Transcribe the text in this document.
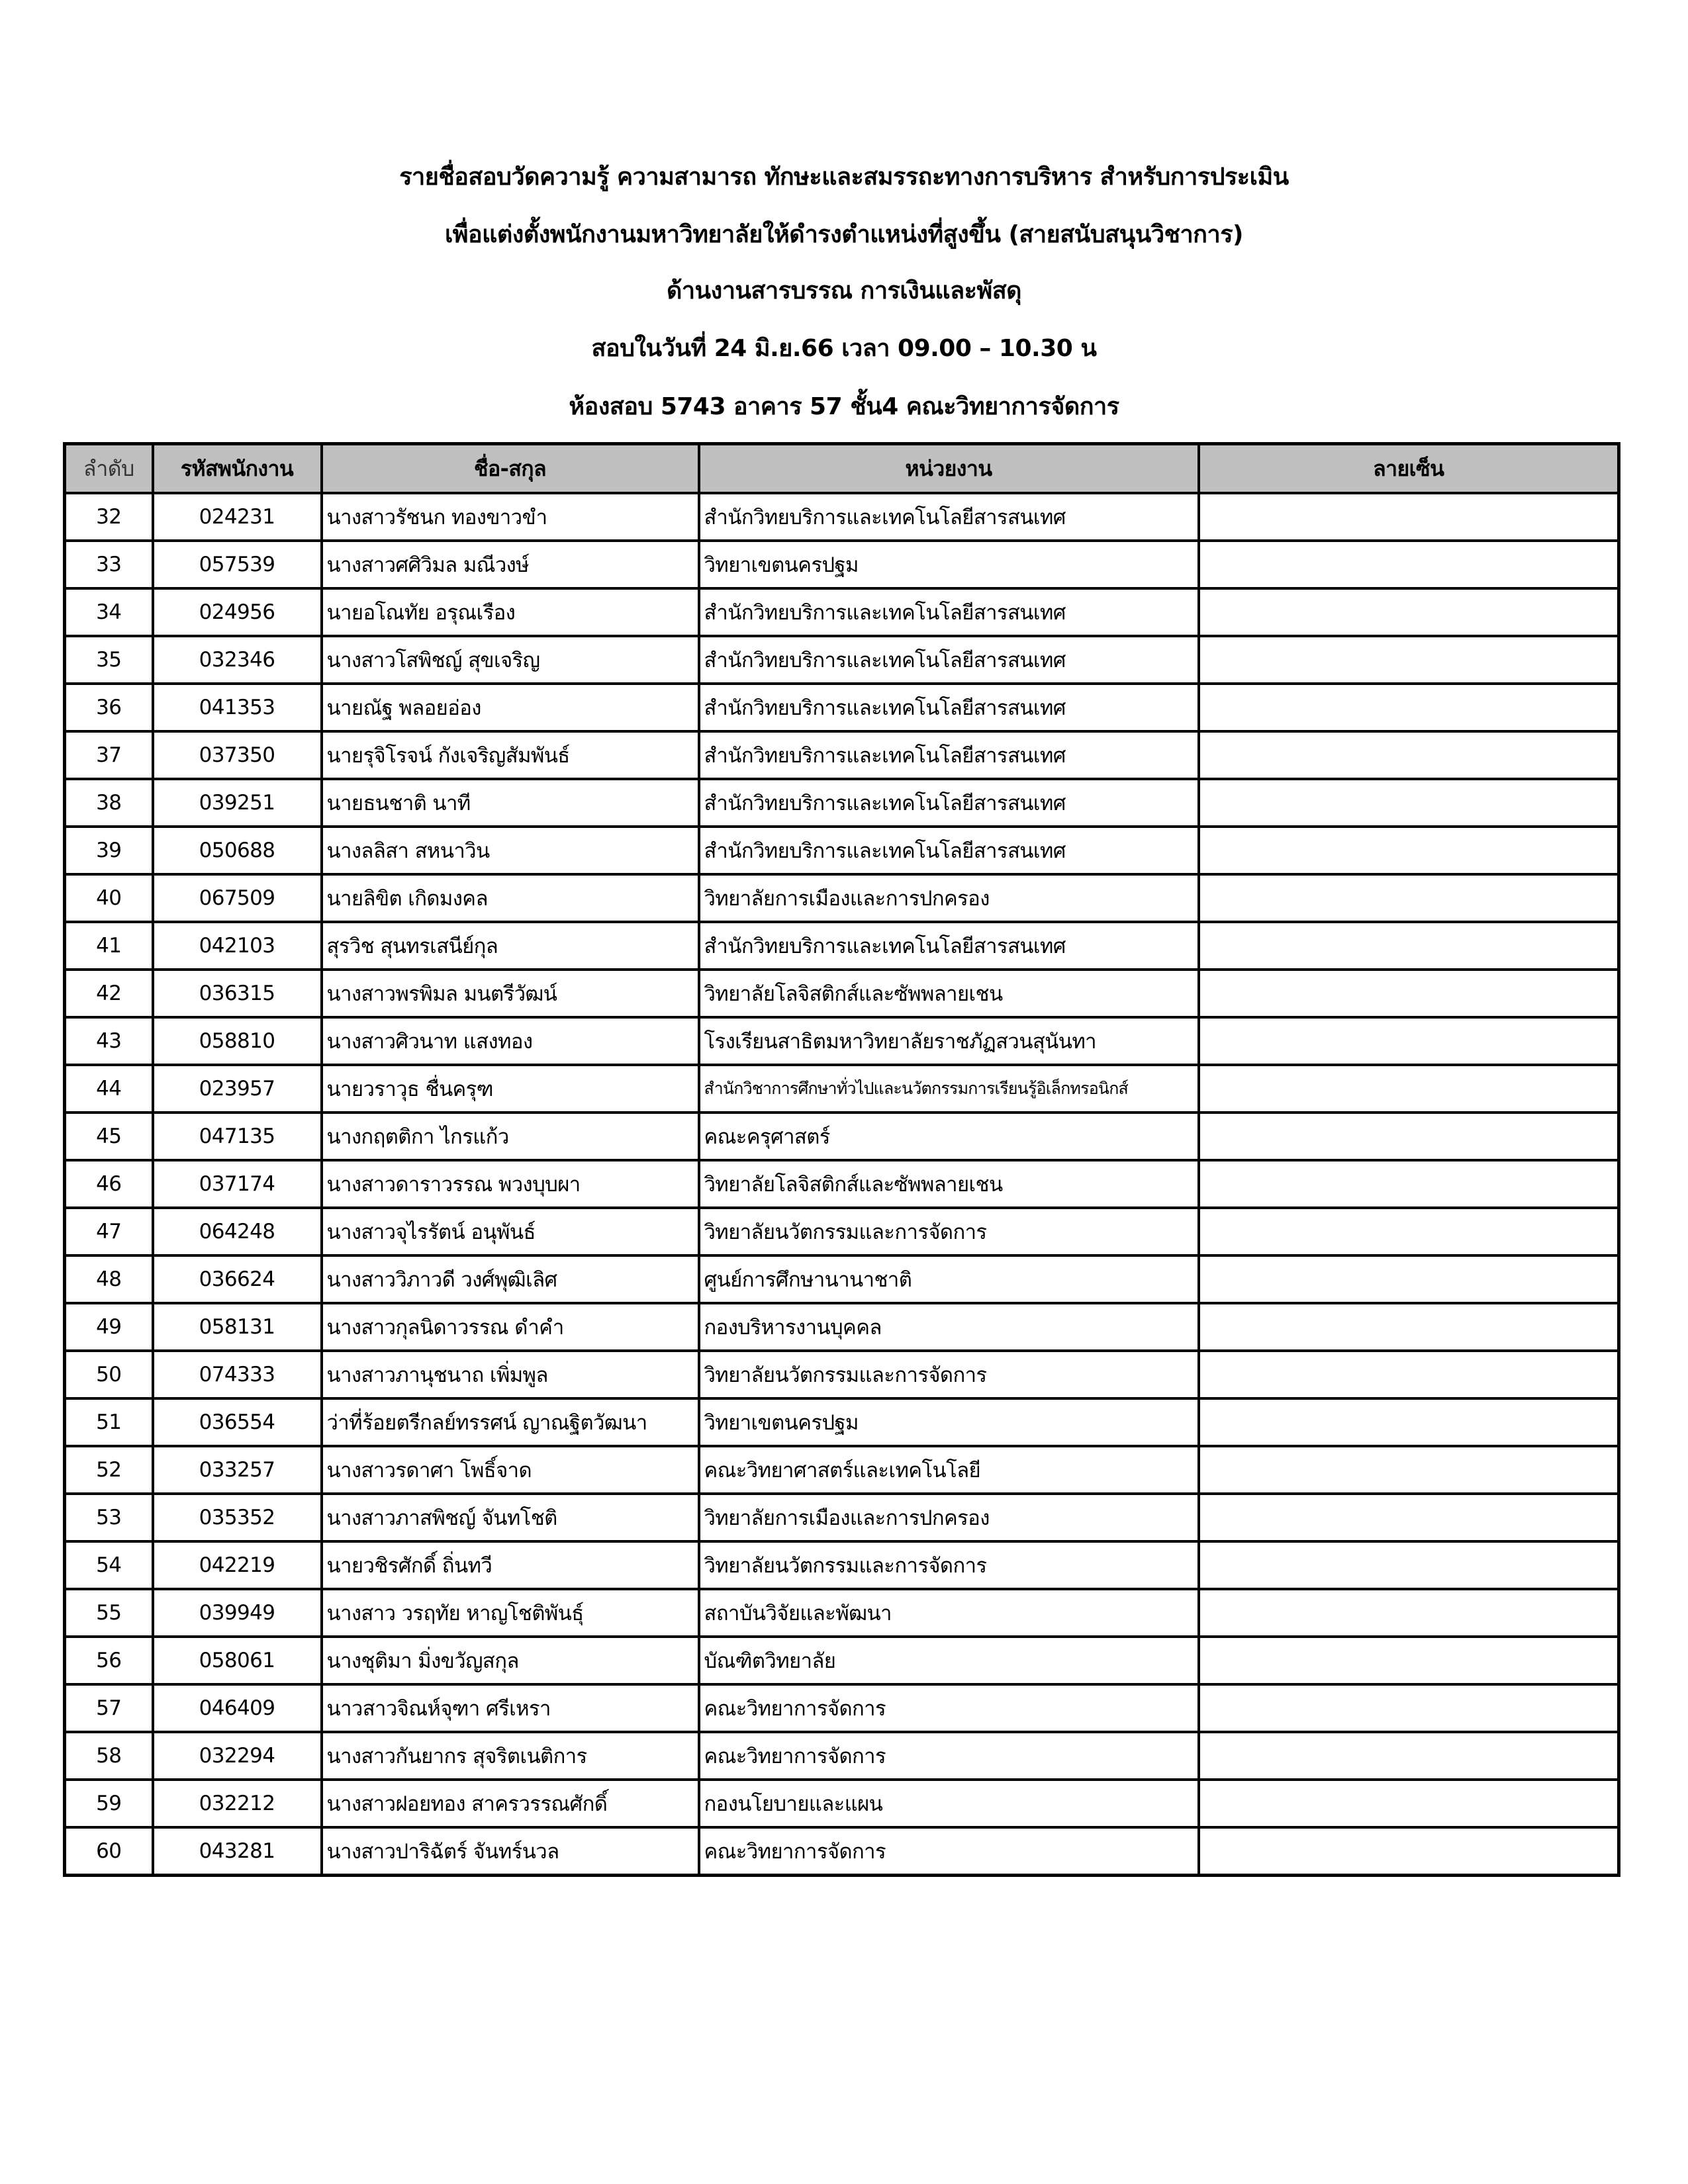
รายชื่อสอบวัดความรู้ ความสามารถ ทักษะและสมรรถะทางการบริหาร สำหรับการประเมิน
เพื่อแต่งตั้งพนักงานมหาวิทยาลัยให้ดำรงตำแหน่งที่สูงขึ้น (สายสนับสนุนวิชาการ)
ด้านงานสารบรรณ การเงินและพัสดุ
สอบในวันที่ 24 มิ.ย.66 เวลา 09.00 – 10.30 น
ห้องสอบ 5743 อาคาร 57 ชั้น4 คณะวิทยาการจัดการ
ลำดับ	รหัสพนักงาน	ชื่อ-สกุล	หน่วยงาน	ลายเซ็น
32	024231	นางสาวรัชนก ทองขาวขำ	สำนักวิทยบริการและเทคโนโลยีสารสนเทศ	
33	057539	นางสาวศศิวิมล มณีวงษ์	วิทยาเขตนครปฐม	
34	024956	นายอโณทัย อรุณเรือง	สำนักวิทยบริการและเทคโนโลยีสารสนเทศ	
35	032346	นางสาวโสพิชญ์ สุขเจริญ	สำนักวิทยบริการและเทคโนโลยีสารสนเทศ	
36	041353	นายณัฐ พลอยอ่อง	สำนักวิทยบริการและเทคโนโลยีสารสนเทศ	
37	037350	นายรุจิโรจน์ กังเจริญสัมพันธ์	สำนักวิทยบริการและเทคโนโลยีสารสนเทศ	
38	039251	นายธนชาติ นาที	สำนักวิทยบริการและเทคโนโลยีสารสนเทศ	
39	050688	นางลลิสา สหนาวิน	สำนักวิทยบริการและเทคโนโลยีสารสนเทศ	
40	067509	นายลิขิต เกิดมงคล	วิทยาลัยการเมืองและการปกครอง	
41	042103	สุรวิช สุนทรเสนีย์กุล	สำนักวิทยบริการและเทคโนโลยีสารสนเทศ	
42	036315	นางสาวพรพิมล มนตรีวัฒน์	วิทยาลัยโลจิสติกส์และซัพพลายเชน	
43	058810	นางสาวศิวนาท แสงทอง	โรงเรียนสาธิตมหาวิทยาลัยราชภัฏสวนสุนันทา	
44	023957	นายวราวุธ ชื่นครุฑ	สำนักวิชาการศึกษาทั่วไปและนวัตกรรมการเรียนรู้อิเล็กทรอนิกส์	
45	047135	นางกฤตติกา ไกรแก้ว	คณะครุศาสตร์	
46	037174	นางสาวดาราวรรณ พวงบุบผา	วิทยาลัยโลจิสติกส์และซัพพลายเชน	
47	064248	นางสาวจุไรรัตน์ อนุพันธ์	วิทยาลัยนวัตกรรมและการจัดการ	
48	036624	นางสาววิภาวดี วงศ์พุฒิเลิศ	ศูนย์การศึกษานานาชาติ	
49	058131	นางสาวกุลนิดาวรรณ ดำคำ	กองบริหารงานบุคคล	
50	074333	นางสาวภานุชนาถ เพิ่มพูล	วิทยาลัยนวัตกรรมและการจัดการ	
51	036554	ว่าที่ร้อยตรีกลย์ทรรศน์ ญาณฐิตวัฒนา	วิทยาเขตนครปฐม	
52	033257	นางสาวรดาศา โพธิ์จาด	คณะวิทยาศาสตร์และเทคโนโลยี	
53	035352	นางสาวภาสพิชญ์ จันทโชติ	วิทยาลัยการเมืองและการปกครอง	
54	042219	นายวชิรศักดิ์ ถิ่นทวี	วิทยาลัยนวัตกรรมและการจัดการ	
55	039949	นางสาว วรฤทัย หาญโชติพันธุ์	สถาบันวิจัยและพัฒนา	
56	058061	นางชุติมา มิ่งขวัญสกุล	บัณฑิตวิทยาลัย	
57	046409	นาวสาวจิณห์จุฑา ศรีเหรา	คณะวิทยาการจัดการ	
58	032294	นางสาวกันยากร สุจริตเนติการ	คณะวิทยาการจัดการ	
59	032212	นางสาวฝอยทอง สาครวรรณศักดิ์	กองนโยบายและแผน	
60	043281	นางสาวปาริฉัตร์ จันทร์นวล	คณะวิทยาการจัดการ	
